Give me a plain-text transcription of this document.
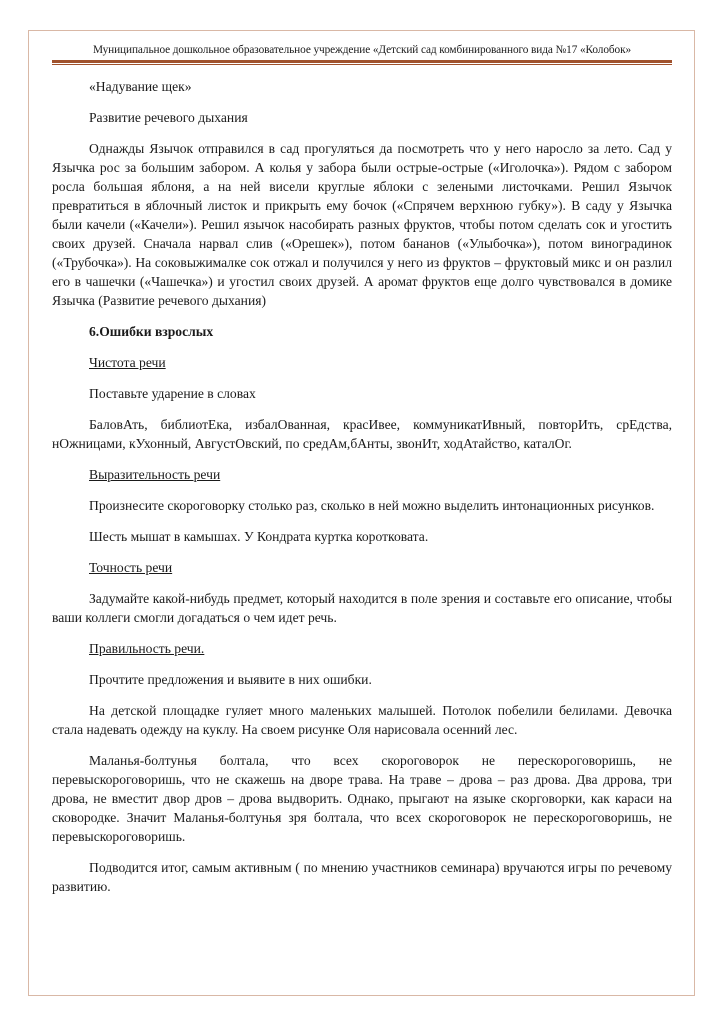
Муниципальное дошкольное образовательное учреждение «Детский сад комбинированного вида №17 «Колобок»

«Надувание щек»

Развитие речевого дыхания

Однажды Язычок отправился в сад прогуляться да посмотреть что у него наросло за лето. Сад у Язычка рос за большим забором. А колья у забора были острые-острые («Иголочка»). Рядом с забором росла большая яблоня, а на ней висели круглые яблоки с зелеными листочками. Решил Язычок превратиться в яблочный листок и прикрыть ему бочок («Спрячем верхнюю губку»). В саду у Язычка были качели («Качели»). Решил язычок насобирать разных фруктов, чтобы потом сделать сок и угостить своих друзей. Сначала нарвал слив («Орешек»), потом бананов («Улыбочка»), потом виноградинок («Трубочка»). На соковыжималке сок отжал и получился у него из фруктов – фруктовый микс и он разлил его в чашечки («Чашечка») и угостил своих друзей. А аромат фруктов еще долго чувствовался в домике Язычка (Развитие речевого дыхания)

6.Ошибки взрослых

Чистота речи

Поставьте ударение в словах

БаловАть, библиотЕка, избалОванная, красИвее, коммуникатИвный, повторИть, срЕдства, нОжницами, кУхонный, АвгустОвский, по средАм,бАнты, звонИт, ходАтайство, каталОг.

Выразительность речи

Произнесите скороговорку столько раз, сколько в ней можно выделить интонационных рисунков.

Шесть мышат в камышах. У Кондрата куртка коротковата.

Точность речи

Задумайте какой-нибудь предмет, который находится в поле зрения и составьте его описание, чтобы ваши коллеги смогли догадаться о чем идет речь.

Правильность речи.

Прочтите предложения и выявите в них ошибки.

На детской площадке гуляет много маленьких малышей. Потолок побелили белилами. Девочка стала надевать одежду на куклу. На своем рисунке Оля нарисовала осенний лес.

Маланья-болтунья болтала, что всех скороговорок не перескороговоришь, не перевыскороговоришь, что не скажешь на дворе трава. На траве – дрова – раз дрова. Два дррова, три дрова, не вместит двор дров – дрова выдворить. Однако, прыгают на языке скорговорки, как караси на сковородке. Значит Маланья-болтунья зря болтала, что всех скороговорок не перескороговоришь, не перевыскороговоришь.

Подводится итог, самым активным ( по мнению участников семинара) вручаются игры по речевому развитию.
